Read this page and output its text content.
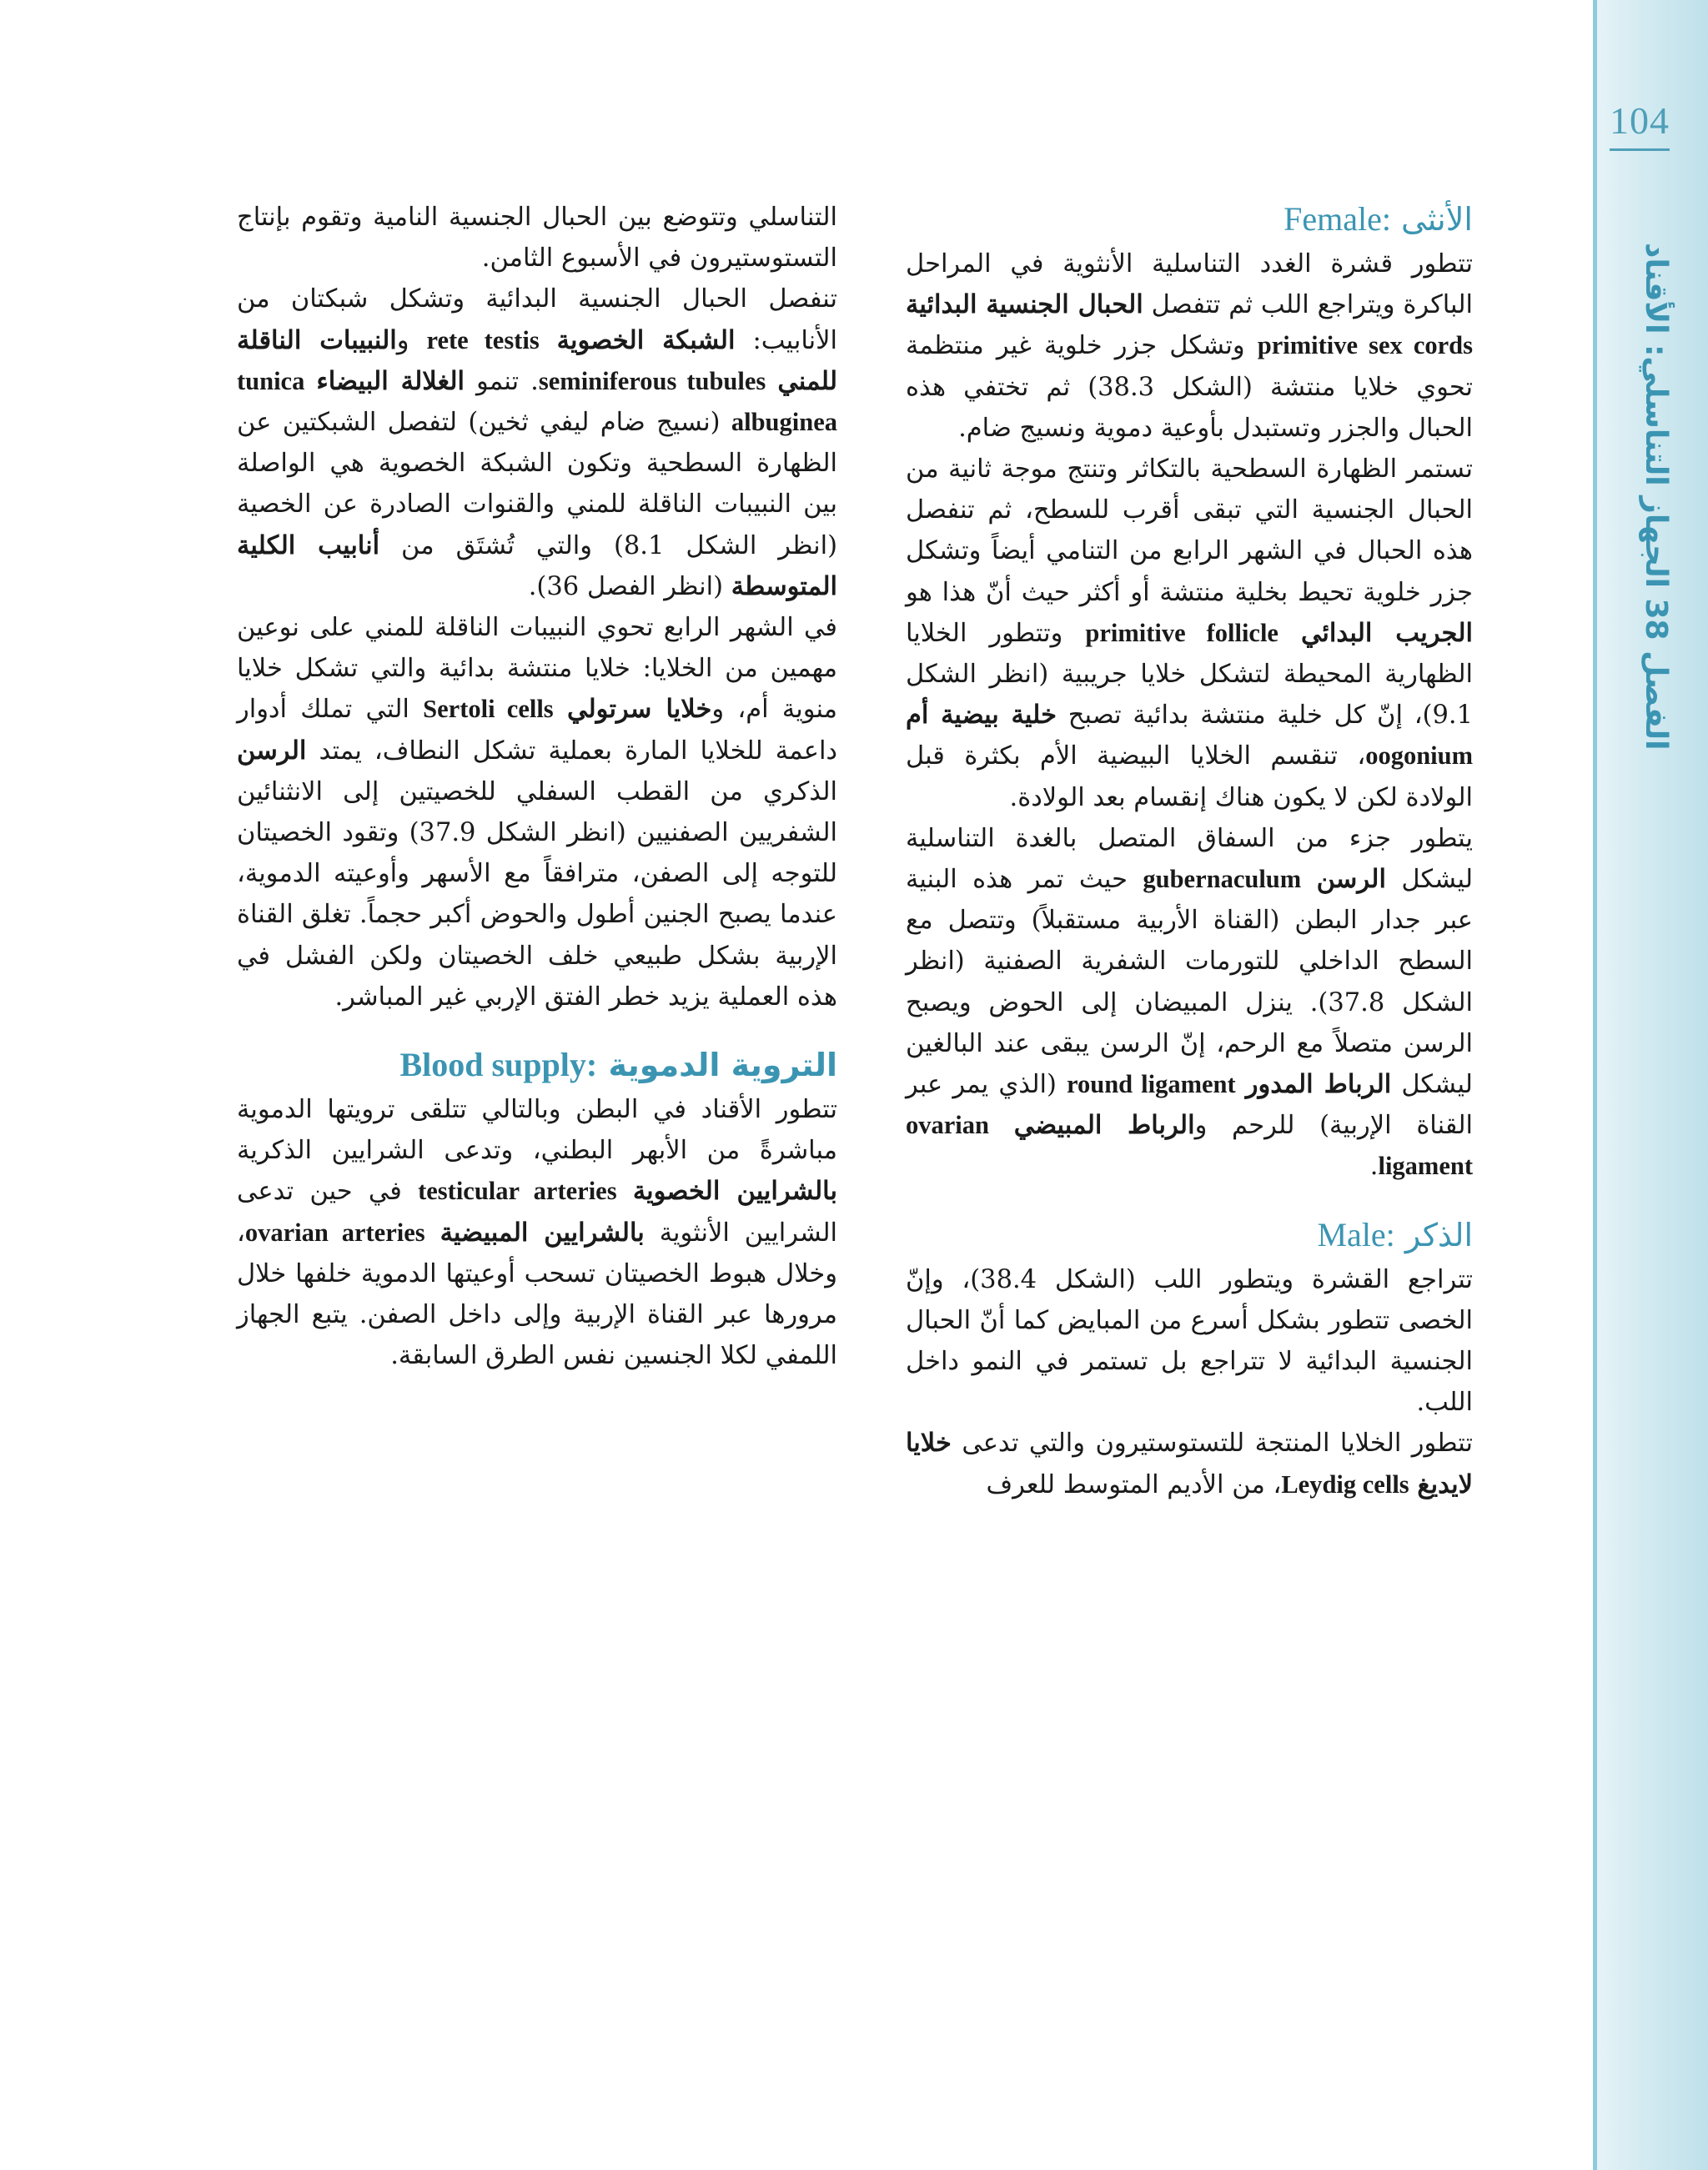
104
الفصل 38 الجهاز التناسلي: الأقناد
الأنثى Female:

تتطور قشرة الغدد التناسلية الأنثوية في المراحل الباكرة ويتراجع اللب ثم تتفصل الحبال الجنسية البدائية primitive sex cords وتشكل جزر خلوية غير منتظمة تحوي خلايا منتشة (الشكل 38.3) ثم تختفي هذه الحبال والجزر وتستبدل بأوعية دموية ونسيج ضام.

تستمر الظهارة السطحية بالتكاثر وتنتج موجة ثانية من الحبال الجنسية التي تبقى أقرب للسطح، ثم تنفصل هذه الحبال في الشهر الرابع من التنامي أيضاً وتشكل جزر خلوية تحيط بخلية منتشة أو أكثر حيث أنّ هذا هو الجريب البدائي primitive follicle وتتطور الخلايا الظهارية المحيطة لتشكل خلايا جريبية (انظر الشكل 9.1)، إنّ كل خلية منتشة بدائية تصبح خلية بيضية أم oogonium، تنقسم الخلايا البيضية الأم بكثرة قبل الولادة لكن لا يكون هناك إنقسام بعد الولادة.

يتطور جزء من السفاق المتصل بالغدة التناسلية ليشكل الرسن gubernaculum حيث تمر هذه البنية عبر جدار البطن (القناة الأربية مستقبلاً) وتتصل مع السطح الداخلي للتورمات الشفرية الصفنية (انظر الشكل 37.8). ينزل المبيضان إلى الحوض ويصبح الرسن متصلاً مع الرحم، إنّ الرسن يبقى عند البالغين ليشكل الرباط المدور round ligament (الذي يمر عبر القناة الإربية) للرحم والرباط المبيضي ovarian ligament.

الذكر Male:

تتراجع القشرة ويتطور اللب (الشكل 38.4)، وإنّ الخصى تتطور بشكل أسرع من المبايض كما أنّ الحبال الجنسية البدائية لا تتراجع بل تستمر في النمو داخل اللب.

تتطور الخلايا المنتجة للتستوستيرون والتي تدعى خلايا لايديغ Leydig cells، من الأديم المتوسط للعرف

التناسلي وتتوضع بين الحبال الجنسية النامية وتقوم بإنتاج التستوستيرون في الأسبوع الثامن.

تنفصل الحبال الجنسية البدائية وتشكل شبكتان من الأنابيب: الشبكة الخصوية rete testis والنبيبات الناقلة للمني seminiferous tubules. تنمو الغلالة البيضاء tunica albuginea (نسيج ضام ليفي ثخين) لتفصل الشبكتين عن الظهارة السطحية وتكون الشبكة الخصوية هي الواصلة بين النبيبات الناقلة للمني والقنوات الصادرة عن الخصية (انظر الشكل 8.1) والتي تُشتَق من أنابيب الكلية المتوسطة (انظر الفصل 36).

في الشهر الرابع تحوي النبيبات الناقلة للمني على نوعين مهمين من الخلايا: خلايا منتشة بدائية والتي تشكل خلايا منوية أم، وخلايا سرتولي Sertoli cells التي تملك أدوار داعمة للخلايا المارة بعملية تشكل النطاف، يمتد الرسن الذكري من القطب السفلي للخصيتين إلى الانثنائين الشفريين الصفنيين (انظر الشكل 37.9) وتقود الخصيتان للتوجه إلى الصفن، مترافقاً مع الأسهر وأوعيته الدموية، عندما يصبح الجنين أطول والحوض أكبر حجماً. تغلق القناة الإربية بشكل طبيعي خلف الخصيتان ولكن الفشل في هذه العملية يزيد خطر الفتق الإربي غير المباشر.

التروية الدموية Blood supply:

تتطور الأقناد في البطن وبالتالي تتلقى ترويتها الدموية مباشرةً من الأبهر البطني، وتدعى الشرايين الذكرية بالشرايين الخصوية testicular arteries في حين تدعى الشرايين الأنثوية بالشرايين المبيضية ovarian arteries، وخلال هبوط الخصيتان تسحب أوعيتها الدموية خلفها خلال مرورها عبر القناة الإربية وإلى داخل الصفن. يتبع الجهاز اللمفي لكلا الجنسين نفس الطرق السابقة.
